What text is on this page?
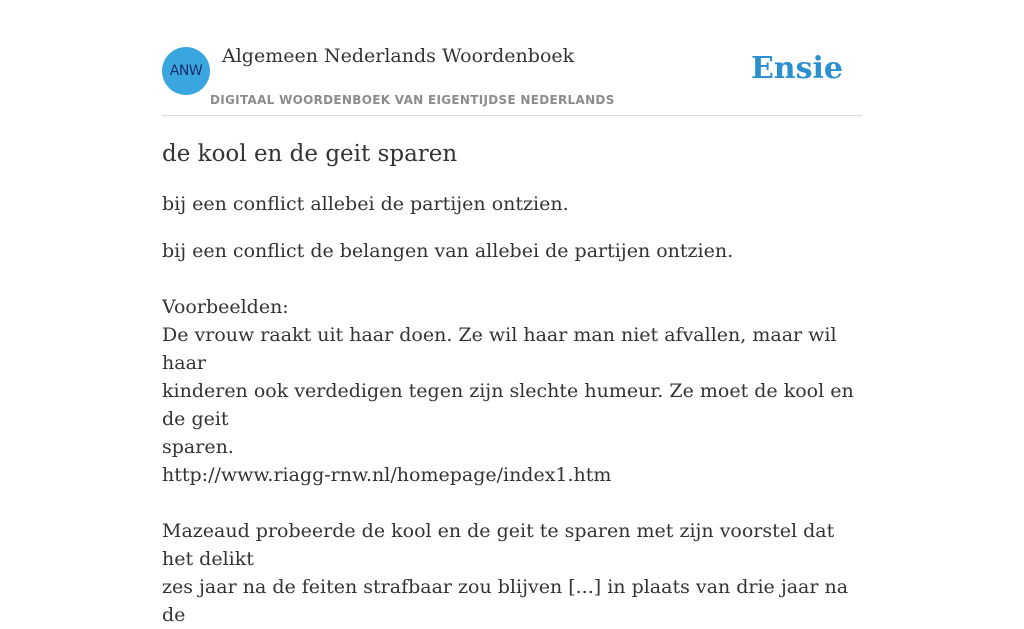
ANW
Algemeen Nederlands Woordenboek
DIGITAAL WOORDENBOEK VAN EIGENTIJDSE NEDERLANDS
Ensie
de kool en de geit sparen

bij een conflict allebei de partijen ontzien.

bij een conflict de belangen van allebei de partijen ontzien.

Voorbeelden:

De vrouw raakt uit haar doen. Ze wil haar man niet afvallen, maar wil haar

kinderen ook verdedigen tegen zijn slechte humeur. Ze moet de kool en de geit

sparen.

http://www.riagg-rnw.nl/homepage/index1.htm

Mazeaud probeerde de kool en de geit te sparen met zijn voorstel dat het delikt

zes jaar na de feiten strafbaar zou blijven [...] in plaats van drie jaar na de
